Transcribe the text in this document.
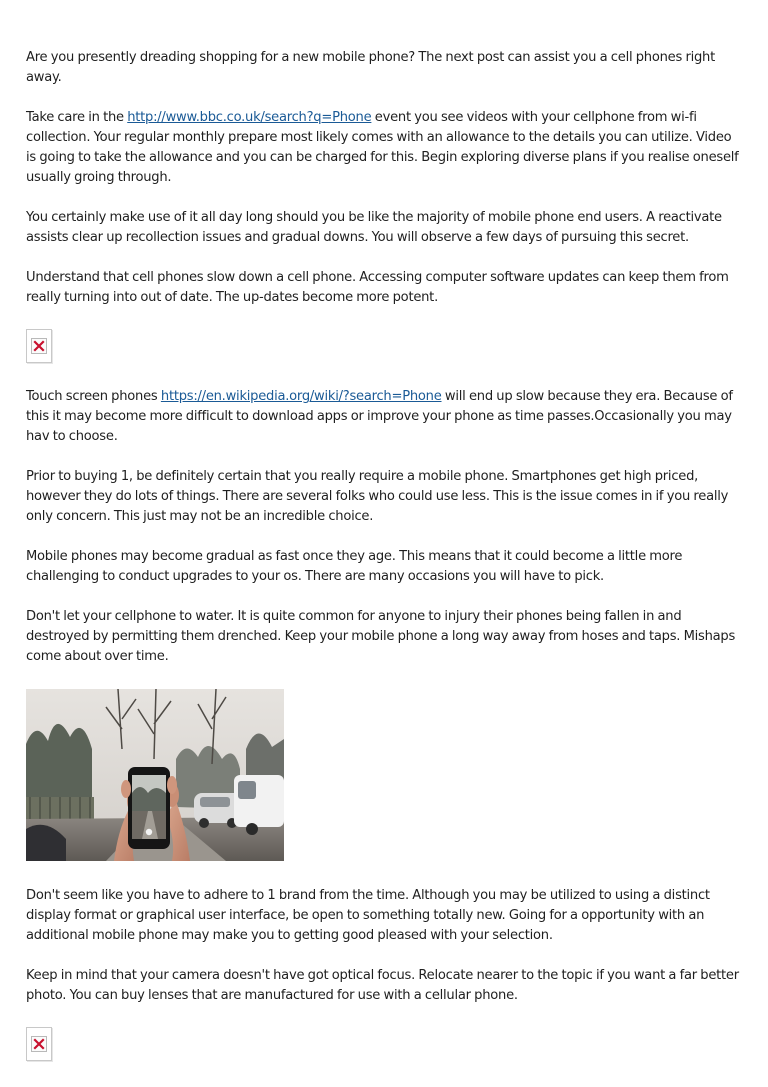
Are you presently dreading shopping for a new mobile phone? The next post can assist you a cell phones right away.

Take care in the http://www.bbc.co.uk/search?q=Phone event you see videos with your cellphone from wi-fi collection. Your regular monthly prepare most likely comes with an allowance to the details you can utilize. Video is going to take the allowance and you can be charged for this. Begin exploring diverse plans if you realise oneself usually groing through.

You certainly make use of it all day long should you be like the majority of mobile phone end users. A reactivate assists clear up recollection issues and gradual downs. You will observe a few days of pursuing this secret.

Understand that cell phones slow down a cell phone. Accessing computer software updates can keep them from really turning into out of date. The up-dates become more potent.

Touch screen phones https://en.wikipedia.org/wiki/?search=Phone will end up slow because they era. Because of this it may become more difficult to download apps or improve your phone as time passes.Occasionally you may hav to choose.

Prior to buying 1, be definitely certain that you really require a mobile phone. Smartphones get high priced, however they do lots of things. There are several folks who could use less. This is the issue comes in if you really only concern. This just may not be an incredible choice.

Mobile phones may become gradual as fast once they age. This means that it could become a little more challenging to conduct upgrades to your os. There are many occasions you will have to pick.

Don't let your cellphone to water. It is quite common for anyone to injury their phones being fallen in and destroyed by permitting them drenched. Keep your mobile phone a long way away from hoses and taps. Mishaps come about over time.

Don't seem like you have to adhere to 1 brand from the time. Although you may be utilized to using a distinct display format or graphical user interface, be open to something totally new. Going for a opportunity with an additional mobile phone may make you to getting good pleased with your selection.

Keep in mind that your camera doesn't have got optical focus. Relocate nearer to the topic if you want a far better photo. You can buy lenses that are manufactured for use with a cellular phone.
